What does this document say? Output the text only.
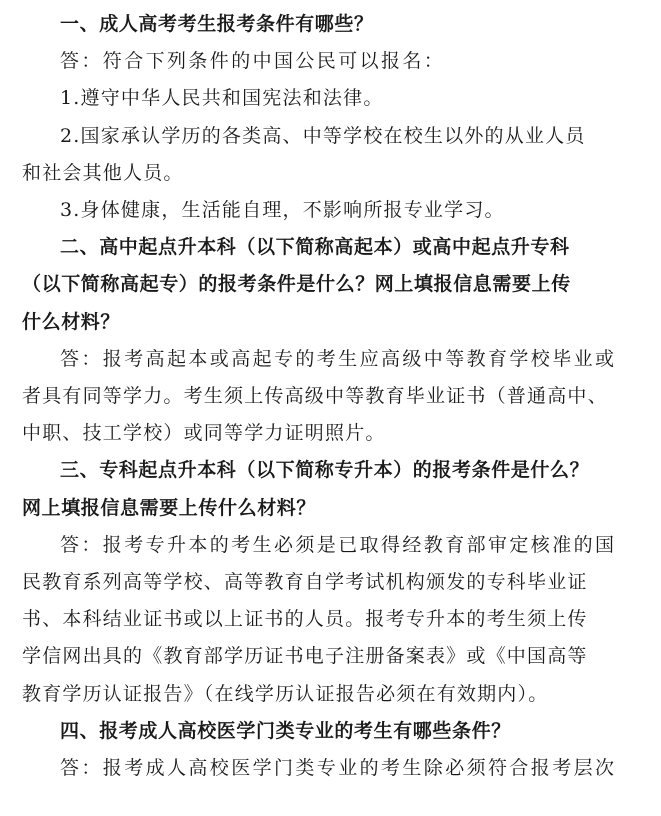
一、成人高考考生报考条件有哪些？
答：符合下列条件的中国公民可以报名：
1.遵守中华人民共和国宪法和法律。
2.国家承认学历的各类高、中等学校在校生以外的从业人员
和社会其他人员。
3.身体健康，生活能自理，不影响所报专业学习。
二、高中起点升本科（以下简称高起本）或高中起点升专科
（以下简称高起专）的报考条件是什么？网上填报信息需要上传
什么材料？
答：报考高起本或高起专的考生应高级中等教育学校毕业或
者具有同等学力。考生须上传高级中等教育毕业证书（普通高中、
中职、技工学校）或同等学力证明照片。
三、专科起点升本科（以下简称专升本）的报考条件是什么？
网上填报信息需要上传什么材料？
答：报考专升本的考生必须是已取得经教育部审定核准的国
民教育系列高等学校、高等教育自学考试机构颁发的专科毕业证
书、本科结业证书或以上证书的人员。报考专升本的考生须上传
学信网出具的《教育部学历证书电子注册备案表》或《中国高等
教育学历认证报告》（在线学历认证报告必须在有效期内）。
四、报考成人高校医学门类专业的考生有哪些条件？
答：报考成人高校医学门类专业的考生除必须符合报考层次
